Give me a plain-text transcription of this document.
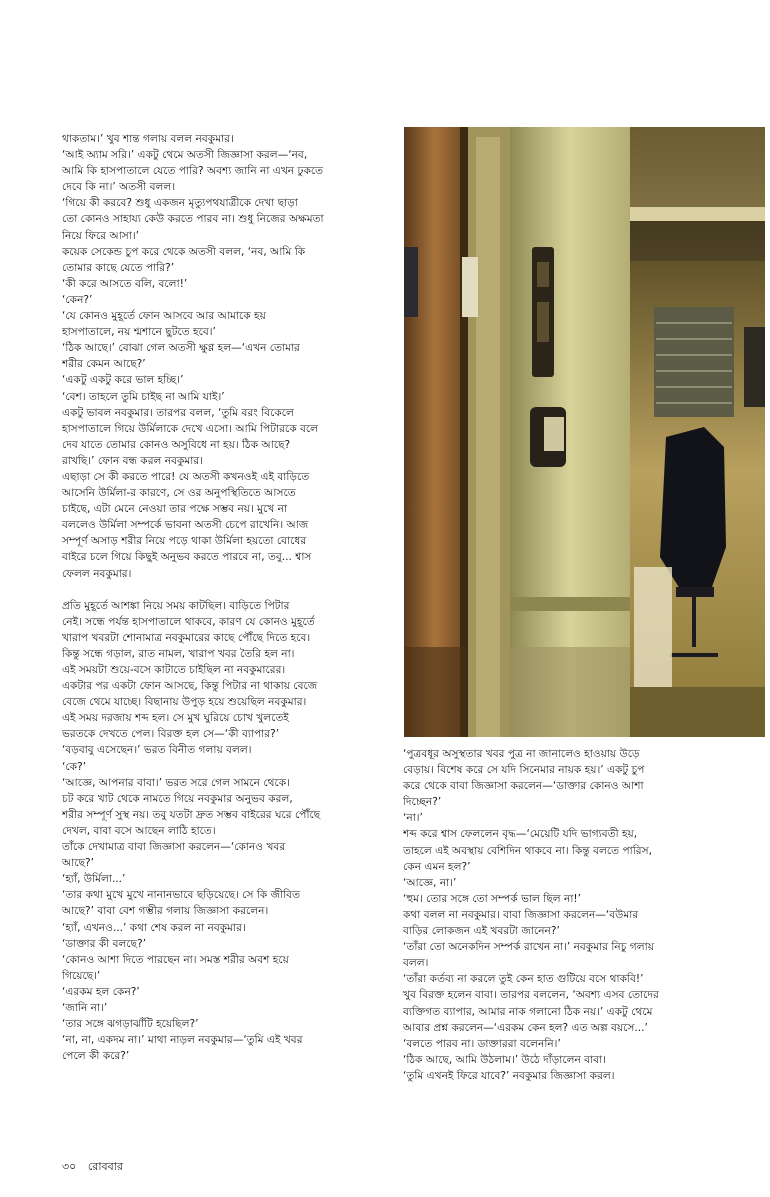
থাকতাম।’ খুব শান্ত গলায় বলল নবকুমার।
‘আই অ্যাম সরি।’ একটু থেমে অতসী জিজ্ঞাসা করল—‘নব,
আমি কি হাসপাতালে যেতে পারি? অবশ্য জানি না এখন ঢুকতে
দেবে কি না।’ অতসী বলল।
‘গিয়ে কী করবে? শুধু একজন মৃত্যুপথযাত্রীকে দেখা ছাড়া
তো কোনও সাহায্য কেউ করতে পারব না। শুধু নিজের অক্ষমতা
নিয়ে ফিরে আসা।’
কয়েক সেকেন্ড চুপ করে থেকে অতসী বলল, ‘নব, আমি কি
তোমার কাছে যেতে পারি?’
‘কী করে আসতে বলি, বলো!’
‘কেন?’
‘যে কোনও মুহূর্তে ফোন আসবে আর আমাকে হয়
হাসপাতালে, নয় শ্মশানে ছুটতে হবে।’
‘ঠিক আছে।’ বোঝা গেল অতসী ক্ষুণ্ণ হল—‘এখন তোমার
শরীর কেমন আছে?’
‘একটু একটু করে ভাল হচ্ছি।’
‘বেশ। তাহলে তুমি চাইছ না আমি যাই।’
একটু ভাবল নবকুমার। তারপর বলল, ‘তুমি বরং বিকেলে
হাসপাতালে গিয়ে উর্মিলাকে দেখে এসো। আমি পিটারকে বলে
দেব যাতে তোমার কোনও অসুবিধে না হয়। ঠিক আছে?
রাখছি।’ ফোন বন্ধ করল নবকুমার।
এছাড়া সে কী করতে পারে! যে অতসী কখনওই এই বাড়িতে
আসেনি উর্মিলা-র কারণে, সে ওর অনুপস্থিতিতে আসতে
চাইছে, এটা মেনে নেওয়া তার পক্ষে সম্ভব নয়। মুখে না
বললেও উর্মিলা সম্পর্কে ভাবনা অতসী চেপে রাখেনি। আজ
সম্পূর্ণ অসাড় শরীর নিয়ে পড়ে থাকা উর্মিলা হয়তো বোধের
বাইরে চলে গিয়ে কিছুই অনুভব করতে পারবে না, তবু... শ্বাস
ফেলল নবকুমার।
প্রতি মুহূর্তে আশঙ্কা নিয়ে সময় কাটছিল। বাড়িতে পিটার
নেই। সন্ধে পর্যন্ত হাসপাতালে থাকবে, কারণ যে কোনও মুহূর্তে
খারাপ খবরটা শোনামাত্র নবকুমারের কাছে পৌঁছে দিতে হবে।
কিন্তু সন্ধে গড়াল, রাত নামল, খারাপ খবর তৈরি হল না।
এই সময়টা শুয়ে-বসে কাটাতে চাইছিল না নবকুমারের।
একটার পর একটা ফোন আসছে, কিন্তু পিটার না থাকায় বেজে
বেজে থেমে যাচ্ছে। বিছানায় উপুড় হয়ে শুয়েছিল নবকুমার।
এই সময় দরজায় শব্দ হল। সে মুখ ঘুরিয়ে চোখ খুলতেই
ভরতকে দেখতে পেল। বিরক্ত হল সে—‘কী ব্যাপার?’
‘বড়বাবু এসেছেন।’ ভরত বিনীত গলায় বলল।
‘কে?’
‘আজ্ঞে, আপনার বাবা।’ ভরত সরে গেল সামনে থেকে।
চট করে খাট থেকে নামতে গিয়ে নবকুমার অনুভব করল,
শরীর সম্পূর্ণ সুস্থ নয়। তবু যতটা দ্রুত সম্ভব বাইরের ঘরে পৌঁছে
দেখল, বাবা বসে আছেন লাঠি হাতে।
তাঁকে দেখামাত্র বাবা জিজ্ঞাসা করলেন—‘কোনও খবর
আছে?’
‘হ্যাঁ, উর্মিলা...’
‘তার কথা মুখে মুখে নানানভাবে ছড়িয়েছে। সে কি জীবিত
আছে?’ বাবা বেশ গম্ভীর গলায় জিজ্ঞাসা করলেন।
‘হ্যাঁ, এখনও...’ কথা শেষ করল না নবকুমার।
‘ডাক্তার কী বলছে?’
‘কোনও আশা দিতে পারছেন না। সমস্ত শরীর অবশ হয়ে
গিয়েছে।’
‘এরকম হল কেন?’
‘জানি না।’
‘তার সঙ্গে ঝগড়াঝাঁটি হয়েছিল?’
‘না, না, একদম না।’ মাথা নাড়ল নবকুমার—‘তুমি এই খবর
পেলে কী করে?’
‘পুত্রবধূর অসুস্থতার খবর পুত্র না জানালেও হাওয়ায় উড়ে
বেড়ায়। বিশেষ করে সে যদি সিনেমার নায়ক হয়।’ একটু চুপ
করে থেকে বাবা জিজ্ঞাসা করলেন—‘ডাক্তার কোনও আশা
দিচ্ছেন?’
‘না।’
শব্দ করে শ্বাস ফেললেন বৃদ্ধ—‘মেয়েটি যদি ভাগ্যবতী হয়,
তাহলে এই অবস্থায় বেশিদিন থাকবে না। কিন্তু বলতে পারিস,
কেন এমন হল?’
‘আজ্ঞে, না।’
‘হুম। তোর সঙ্গে তো সম্পর্ক ভাল ছিল না!’
কথা বলল না নবকুমার। বাবা জিজ্ঞাসা করলেন—‘বউমার
বাড়ির লোকজন এই খবরটা জানেন?’
‘তাঁরা তো অনেকদিন সম্পর্ক রাখেন না।’ নবকুমার নিচু গলায়
বলল।
‘তাঁরা কর্তব্য না করলে তুই কেন হাত গুটিয়ে বসে থাকবি!’
খুব বিরক্ত হলেন বাবা। তারপর বললেন, ‘অবশ্য এসব তোদের
ব্যক্তিগত ব্যাপার, আমার নাক গলানো ঠিক নয়।’ একটু থেমে
আবার প্রশ্ন করলেন—‘এরকম কেন হল? এত অল্প বয়সে...’
‘বলতে পারব না। ডাক্তাররা বলেননি।’
‘ঠিক আছে, আমি উঠলাম।’ উঠে দাঁড়ালেন বাবা।
‘তুমি এখনই ফিরে যাবে?’ নবকুমার জিজ্ঞাসা করল।
৩০ রোববার
